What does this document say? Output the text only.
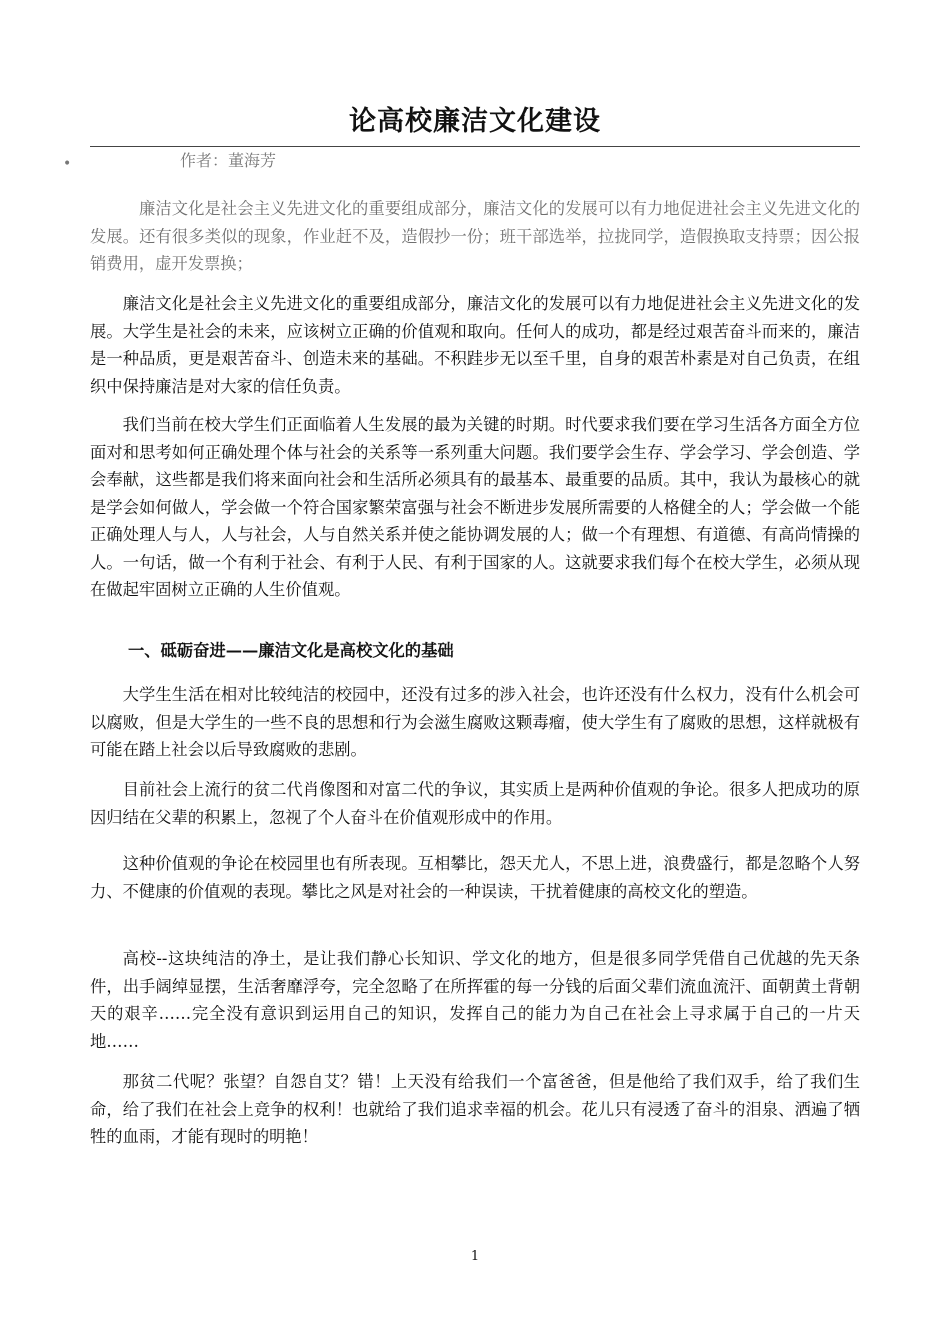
论高校廉洁文化建设
•	作者：董海芳

　廉洁文化是社会主义先进文化的重要组成部分，廉洁文化的发展可以有力地促进社会主义先进文化的发展。还有很多类似的现象，作业赶不及，造假抄一份；班干部选举，拉拢同学，造假换取支持票；因公报销费用，虚开发票换；

廉洁文化是社会主义先进文化的重要组成部分，廉洁文化的发展可以有力地促进社会主义先进文化的发展。大学生是社会的未来，应该树立正确的价值观和取向。任何人的成功，都是经过艰苦奋斗而来的，廉洁是一种品质，更是艰苦奋斗、创造未来的基础。不积跬步无以至千里，自身的艰苦朴素是对自己负责，在组织中保持廉洁是对大家的信任负责。

我们当前在校大学生们正面临着人生发展的最为关键的时期。时代要求我们要在学习生活各方面全方位面对和思考如何正确处理个体与社会的关系等一系列重大问题。我们要学会生存、学会学习、学会创造、学会奉献，这些都是我们将来面向社会和生活所必须具有的最基本、最重要的品质。其中，我认为最核心的就是学会如何做人，学会做一个符合国家繁荣富强与社会不断进步发展所需要的人格健全的人；学会做一个能正确处理人与人，人与社会，人与自然关系并使之能协调发展的人；做一个有理想、有道德、有高尚情操的人。一句话，做一个有利于社会、有利于人民、有利于国家的人。这就要求我们每个在校大学生，必须从现在做起牢固树立正确的人生价值观。

一、砥砺奋进——廉洁文化是高校文化的基础

大学生生活在相对比较纯洁的校园中，还没有过多的涉入社会，也许还没有什么权力，没有什么机会可以腐败，但是大学生的一些不良的思想和行为会滋生腐败这颗毒瘤，使大学生有了腐败的思想，这样就极有可能在踏上社会以后导致腐败的悲剧。

目前社会上流行的贫二代肖像图和对富二代的争议，其实质上是两种价值观的争论。很多人把成功的原因归结在父辈的积累上，忽视了个人奋斗在价值观形成中的作用。

这种价值观的争论在校园里也有所表现。互相攀比，怨天尤人，不思上进，浪费盛行，都是忽略个人努力、不健康的价值观的表现。攀比之风是对社会的一种误读，干扰着健康的高校文化的塑造。

高校--这块纯洁的净土，是让我们静心长知识、学文化的地方，但是很多同学凭借自己优越的先天条件，出手阔绰显摆，生活奢靡浮夸，完全忽略了在所挥霍的每一分钱的后面父辈们流血流汗、面朝黄土背朝天的艰辛……完全没有意识到运用自己的知识，发挥自己的能力为自己在社会上寻求属于自己的一片天地……

那贫二代呢？张望？自怨自艾？错！上天没有给我们一个富爸爸，但是他给了我们双手，给了我们生命，给了我们在社会上竞争的权利！也就给了我们追求幸福的机会。花儿只有浸透了奋斗的泪泉、洒遍了牺牲的血雨，才能有现时的明艳！

1
